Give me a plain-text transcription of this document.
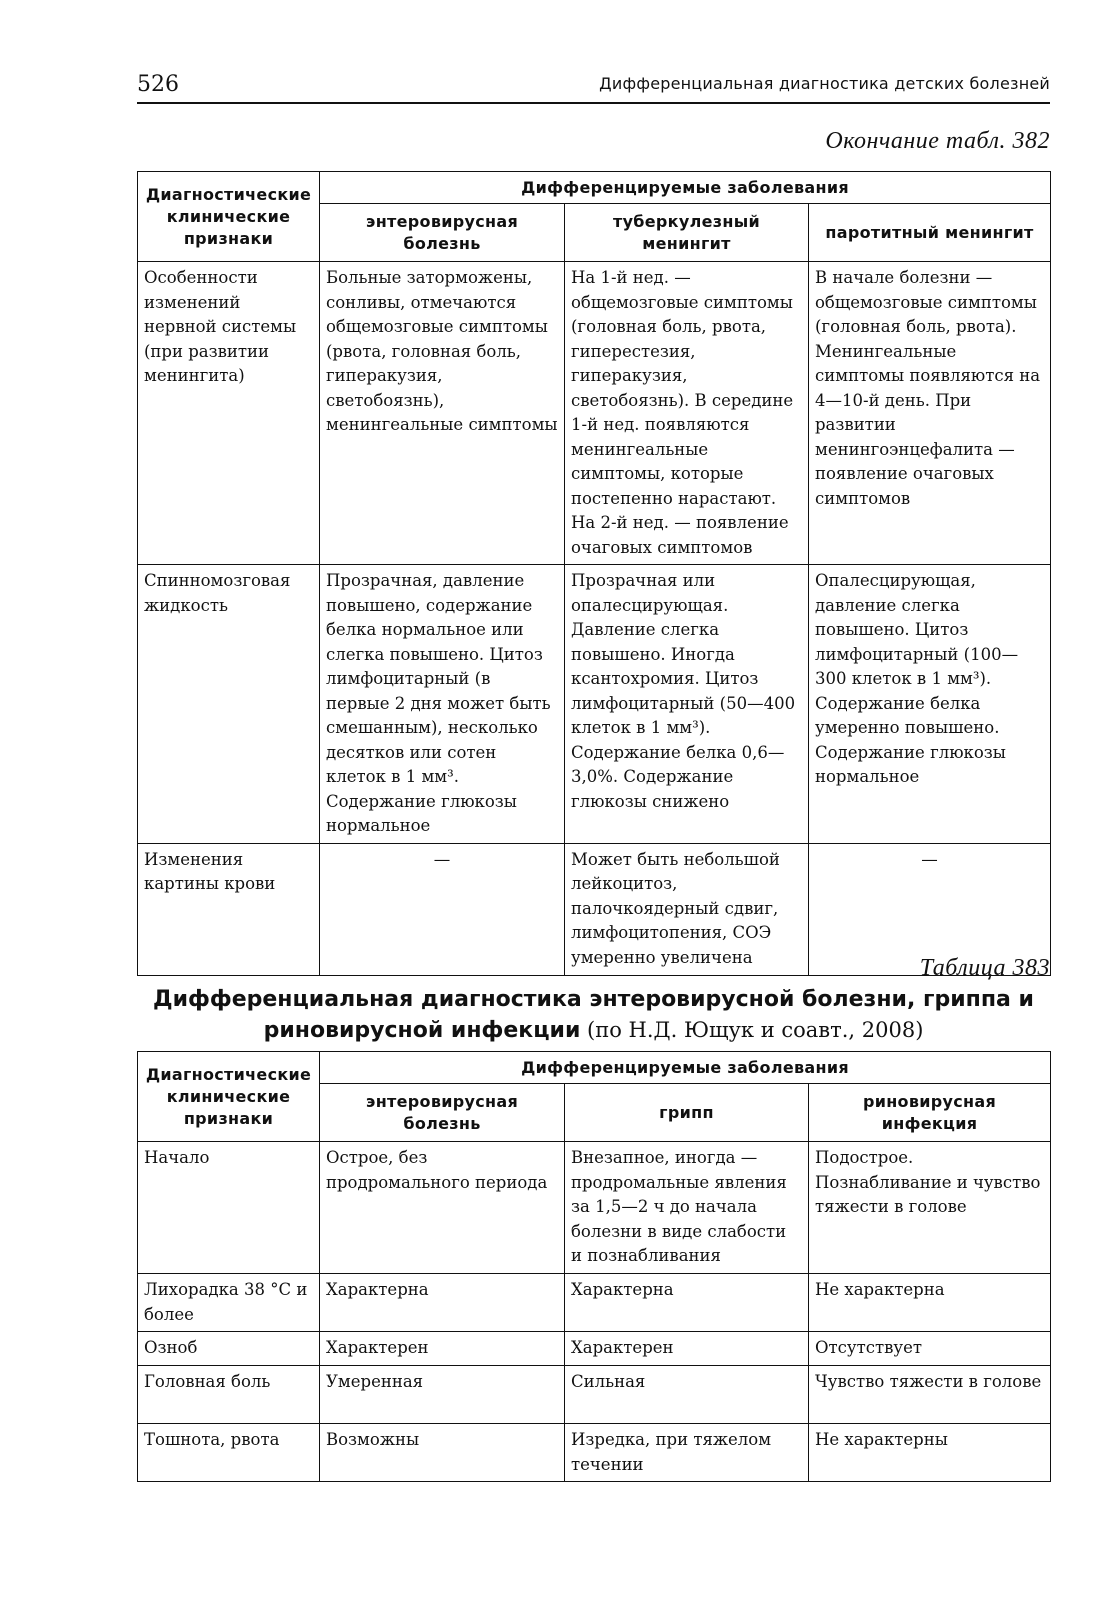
526	Дифференциальная диагностика детских болезней
Окончание табл. 382
Диагностические клинические признаки	Дифференцируемые заболевания		
	энтеровирусная болезнь	туберкулезный менингит	паротитный менингит
Особенности изменений нервной системы (при развитии менингита)	Больные заторможены, сонливы, отмечаются общемозговые симптомы (рвота, головная боль, гиперакузия, светобоязнь), менингеальные симптомы	На 1-й нед. — общемозговые симптомы (головная боль, рвота, гиперестезия, гиперакузия, светобоязнь). В середине 1-й нед. появляются менингеальные симптомы, которые постепенно нарастают. На 2-й нед. — появление очаговых симптомов	В начале болезни — общемозговые симптомы (головная боль, рвота). Менингеальные симптомы появляются на 4—10-й день. При развитии менингоэнцефалита — появление очаговых симптомов
Спинномозговая жидкость	Прозрачная, давление повышено, содержание белка нормальное или слегка повышено. Цитоз лимфоцитарный (в первые 2 дня может быть смешанным), несколько десятков или сотен клеток в 1 мм³. Содержание глюкозы нормальное	Прозрачная или опалесцирующая. Давление слегка повышено. Иногда ксантохромия. Цитоз лимфоцитарный (50—400 клеток в 1 мм³). Содержание белка 0,6—3,0%. Содержание глюкозы снижено	Опалесцирующая, давление слегка повышено. Цитоз лимфоцитарный (100—300 клеток в 1 мм³). Содержание белка умеренно повышено. Содержание глюкозы нормальное
Изменения картины крови	—	Может быть небольшой лейкоцитоз, палочкоядерный сдвиг, лимфоцитопения, СОЭ умеренно увеличена	—
Таблица 383
Дифференциальная диагностика энтеровирусной болезни, гриппа и риновирусной инфекции (по Н.Д. Ющук и соавт., 2008)
Диагностические клинические признаки	Дифференцируемые заболевания		
	энтеровирусная болезнь	грипп	риновирусная инфекция
Начало	Острое, без продромального периода	Внезапное, иногда — продромальные явления за 1,5—2 ч до начала болезни в виде слабости и познабливания	Подострое. Познабливание и чувство тяжести в голове
Лихорадка 38 °С и более	Характерна	Характерна	Не характерна
Озноб	Характерен	Характерен	Отсутствует
Головная боль	Умеренная	Сильная	Чувство тяжести в голове
Тошнота, рвота	Возможны	Изредка, при тяжелом течении	Не характерны
